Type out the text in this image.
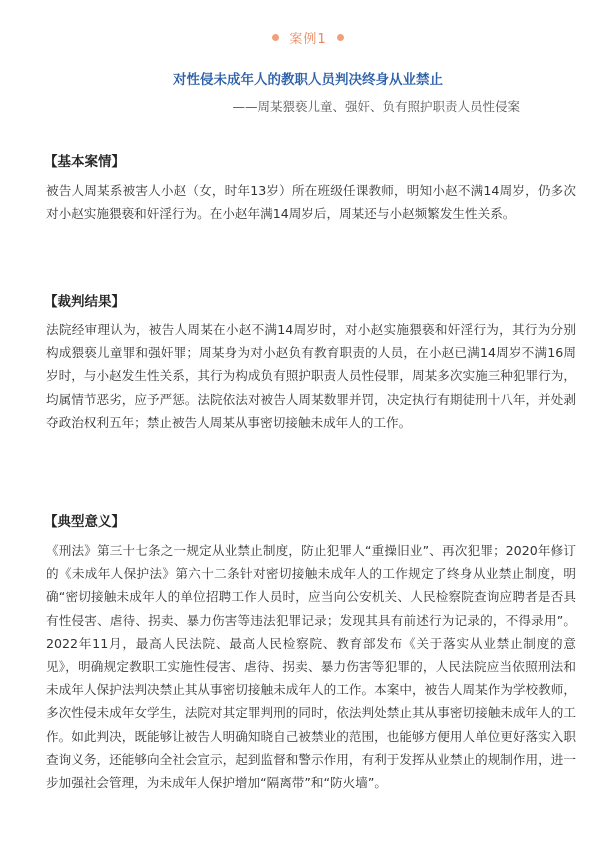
案例1
对性侵未成年人的教职人员判决终身从业禁止
——周某猥亵儿童、强奸、负有照护职责人员性侵案
【基本案情】

被告人周某系被害人小赵（女，时年13岁）所在班级任课教师，明知小赵不满14周岁，仍多次对小赵实施猥亵和奸淫行为。在小赵年满14周岁后，周某还与小赵频繁发生性关系。

【裁判结果】

法院经审理认为，被告人周某在小赵不满14周岁时，对小赵实施猥亵和奸淫行为，其行为分别构成猥亵儿童罪和强奸罪；周某身为对小赵负有教育职责的人员，在小赵已满14周岁不满16周岁时，与小赵发生性关系，其行为构成负有照护职责人员性侵罪，周某多次实施三种犯罪行为，均属情节恶劣，应予严惩。法院依法对被告人周某数罪并罚，决定执行有期徒刑十八年，并处剥夺政治权利五年；禁止被告人周某从事密切接触未成年人的工作。

【典型意义】

《刑法》第三十七条之一规定从业禁止制度，防止犯罪人“重操旧业”、再次犯罪；2020年修订的《未成年人保护法》第六十二条针对密切接触未成年人的工作规定了终身从业禁止制度，明确“密切接触未成年人的单位招聘工作人员时，应当向公安机关、人民检察院查询应聘者是否具有性侵害、虐待、拐卖、暴力伤害等违法犯罪记录；发现其具有前述行为记录的，不得录用”。2022年11月，最高人民法院、最高人民检察院、教育部发布《关于落实从业禁止制度的意见》，明确规定教职工实施性侵害、虐待、拐卖、暴力伤害等犯罪的，人民法院应当依照刑法和未成年人保护法判决禁止其从事密切接触未成年人的工作。本案中，被告人周某作为学校教师，多次性侵未成年女学生，法院对其定罪判刑的同时，依法判处禁止其从事密切接触未成年人的工作。如此判决，既能够让被告人明确知晓自己被禁业的范围，也能够方便用人单位更好落实入职查询义务，还能够向全社会宣示，起到监督和警示作用，有利于发挥从业禁止的规制作用，进一步加强社会管理，为未成年人保护增加“隔离带”和“防火墙”。
